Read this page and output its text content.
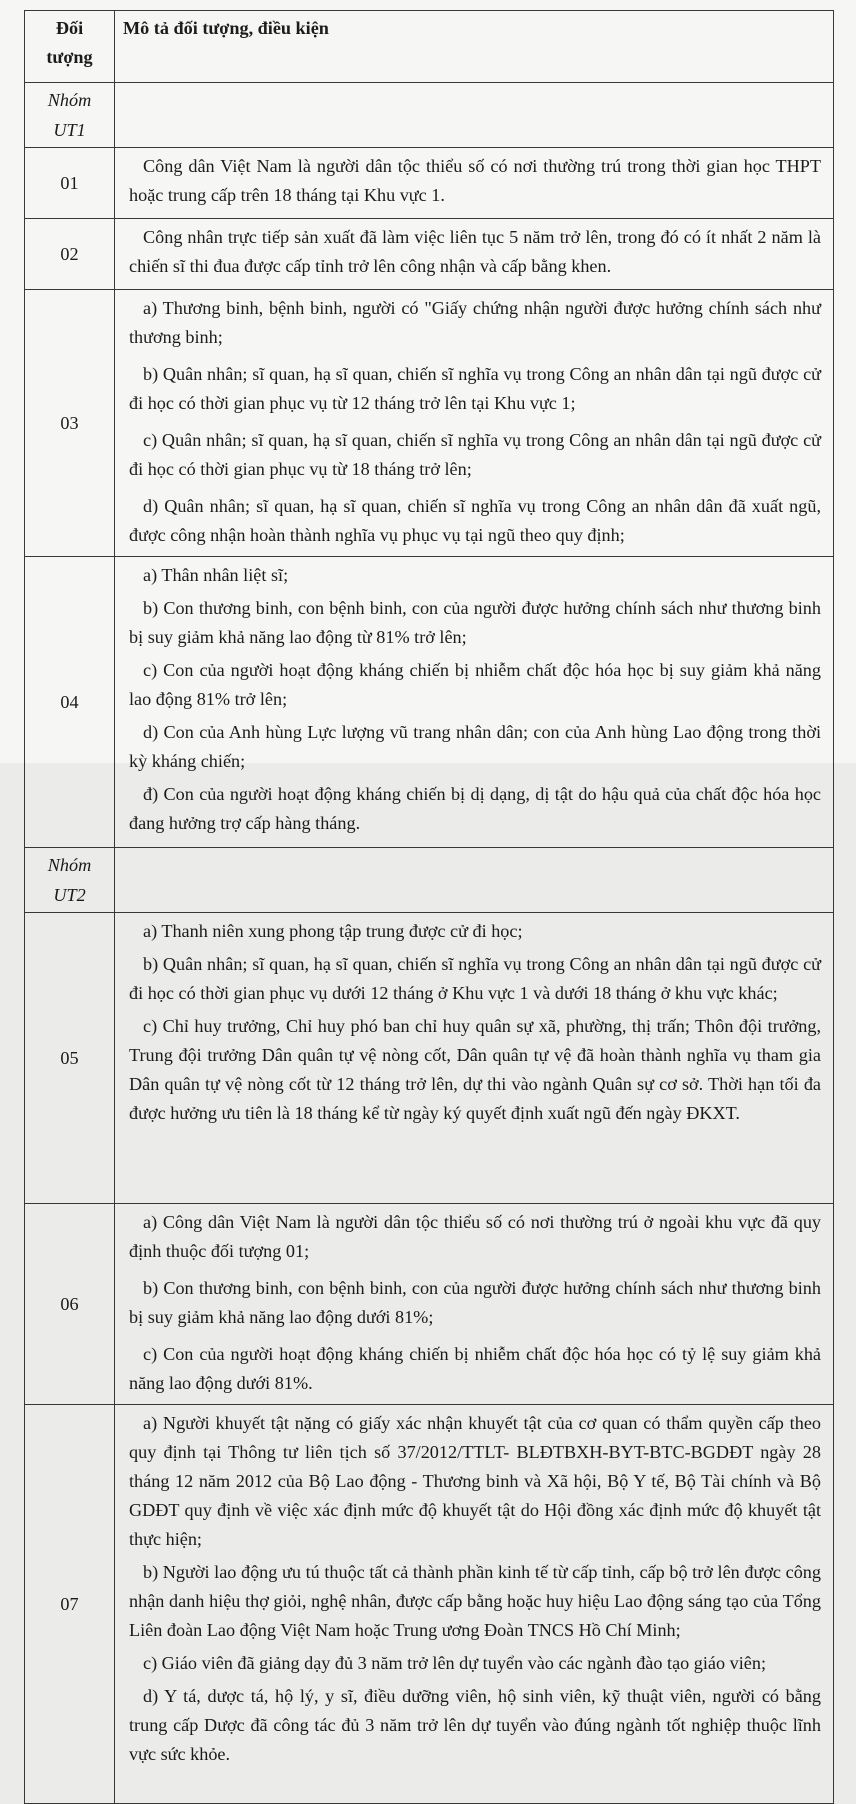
Đối tượng	Mô tả đối tượng, điều kiện

Nhóm
UT1	

01	Công dân Việt Nam là người dân tộc thiểu số có nơi thường trú trong thời gian học THPT hoặc trung cấp trên 18 tháng tại Khu vực 1.

02	Công nhân trực tiếp sản xuất đã làm việc liên tục 5 năm trở lên, trong đó có ít nhất 2 năm là chiến sĩ thi đua được cấp tỉnh trở lên công nhận và cấp bằng khen.

03	a) Thương binh, bệnh binh, người có "Giấy chứng nhận người được hưởng chính sách như thương binh;

b) Quân nhân; sĩ quan, hạ sĩ quan, chiến sĩ nghĩa vụ trong Công an nhân dân tại ngũ được cử đi học có thời gian phục vụ từ 12 tháng trở lên tại Khu vực 1;

c) Quân nhân; sĩ quan, hạ sĩ quan, chiến sĩ nghĩa vụ trong Công an nhân dân tại ngũ được cử đi học có thời gian phục vụ từ 18 tháng trở lên;

d) Quân nhân; sĩ quan, hạ sĩ quan, chiến sĩ nghĩa vụ trong Công an nhân dân đã xuất ngũ, được công nhận hoàn thành nghĩa vụ phục vụ tại ngũ theo quy định;

04	a) Thân nhân liệt sĩ;

b) Con thương binh, con bệnh binh, con của người được hưởng chính sách như thương binh bị suy giảm khả năng lao động từ 81% trở lên;

c) Con của người hoạt động kháng chiến bị nhiễm chất độc hóa học bị suy giảm khả năng lao động 81% trở lên;

d) Con của Anh hùng Lực lượng vũ trang nhân dân; con của Anh hùng Lao động trong thời kỳ kháng chiến;

đ) Con của người hoạt động kháng chiến bị dị dạng, dị tật do hậu quả của chất độc hóa học đang hưởng trợ cấp hàng tháng.

Nhóm
UT2	

05	a) Thanh niên xung phong tập trung được cử đi học;

b) Quân nhân; sĩ quan, hạ sĩ quan, chiến sĩ nghĩa vụ trong Công an nhân dân tại ngũ được cử đi học có thời gian phục vụ dưới 12 tháng ở Khu vực 1 và dưới 18 tháng ở khu vực khác;

c) Chỉ huy trưởng, Chỉ huy phó ban chỉ huy quân sự xã, phường, thị trấn; Thôn đội trưởng, Trung đội trưởng Dân quân tự vệ nòng cốt, Dân quân tự vệ đã hoàn thành nghĩa vụ tham gia Dân quân tự vệ nòng cốt từ 12 tháng trở lên, dự thi vào ngành Quân sự cơ sở. Thời hạn tối đa được hưởng ưu tiên là 18 tháng kể từ ngày ký quyết định xuất ngũ đến ngày ĐKXT.

06	a) Công dân Việt Nam là người dân tộc thiểu số có nơi thường trú ở ngoài khu vực đã quy định thuộc đối tượng 01;

b) Con thương binh, con bệnh binh, con của người được hưởng chính sách như thương binh bị suy giảm khả năng lao động dưới 81%;

c) Con của người hoạt động kháng chiến bị nhiễm chất độc hóa học có tỷ lệ suy giảm khả năng lao động dưới 81%.

07	a) Người khuyết tật nặng có giấy xác nhận khuyết tật của cơ quan có thẩm quyền cấp theo quy định tại Thông tư liên tịch số 37/2012/TTLT- BLĐTBXH-BYT-BTC-BGDĐT ngày 28 tháng 12 năm 2012 của Bộ Lao động - Thương binh và Xã hội, Bộ Y tế, Bộ Tài chính và Bộ GDĐT quy định về việc xác định mức độ khuyết tật do Hội đồng xác định mức độ khuyết tật thực hiện;

b) Người lao động ưu tú thuộc tất cả thành phần kinh tế từ cấp tỉnh, cấp bộ trở lên được công nhận danh hiệu thợ giỏi, nghệ nhân, được cấp bằng hoặc huy hiệu Lao động sáng tạo của Tổng Liên đoàn Lao động Việt Nam hoặc Trung ương Đoàn TNCS Hồ Chí Minh;

c) Giáo viên đã giảng dạy đủ 3 năm trở lên dự tuyển vào các ngành đào tạo giáo viên;

d) Y tá, dược tá, hộ lý, y sĩ, điều dưỡng viên, hộ sinh viên, kỹ thuật viên, người có bằng trung cấp Dược đã công tác đủ 3 năm trở lên dự tuyển vào đúng ngành tốt nghiệp thuộc lĩnh vực sức khỏe.
